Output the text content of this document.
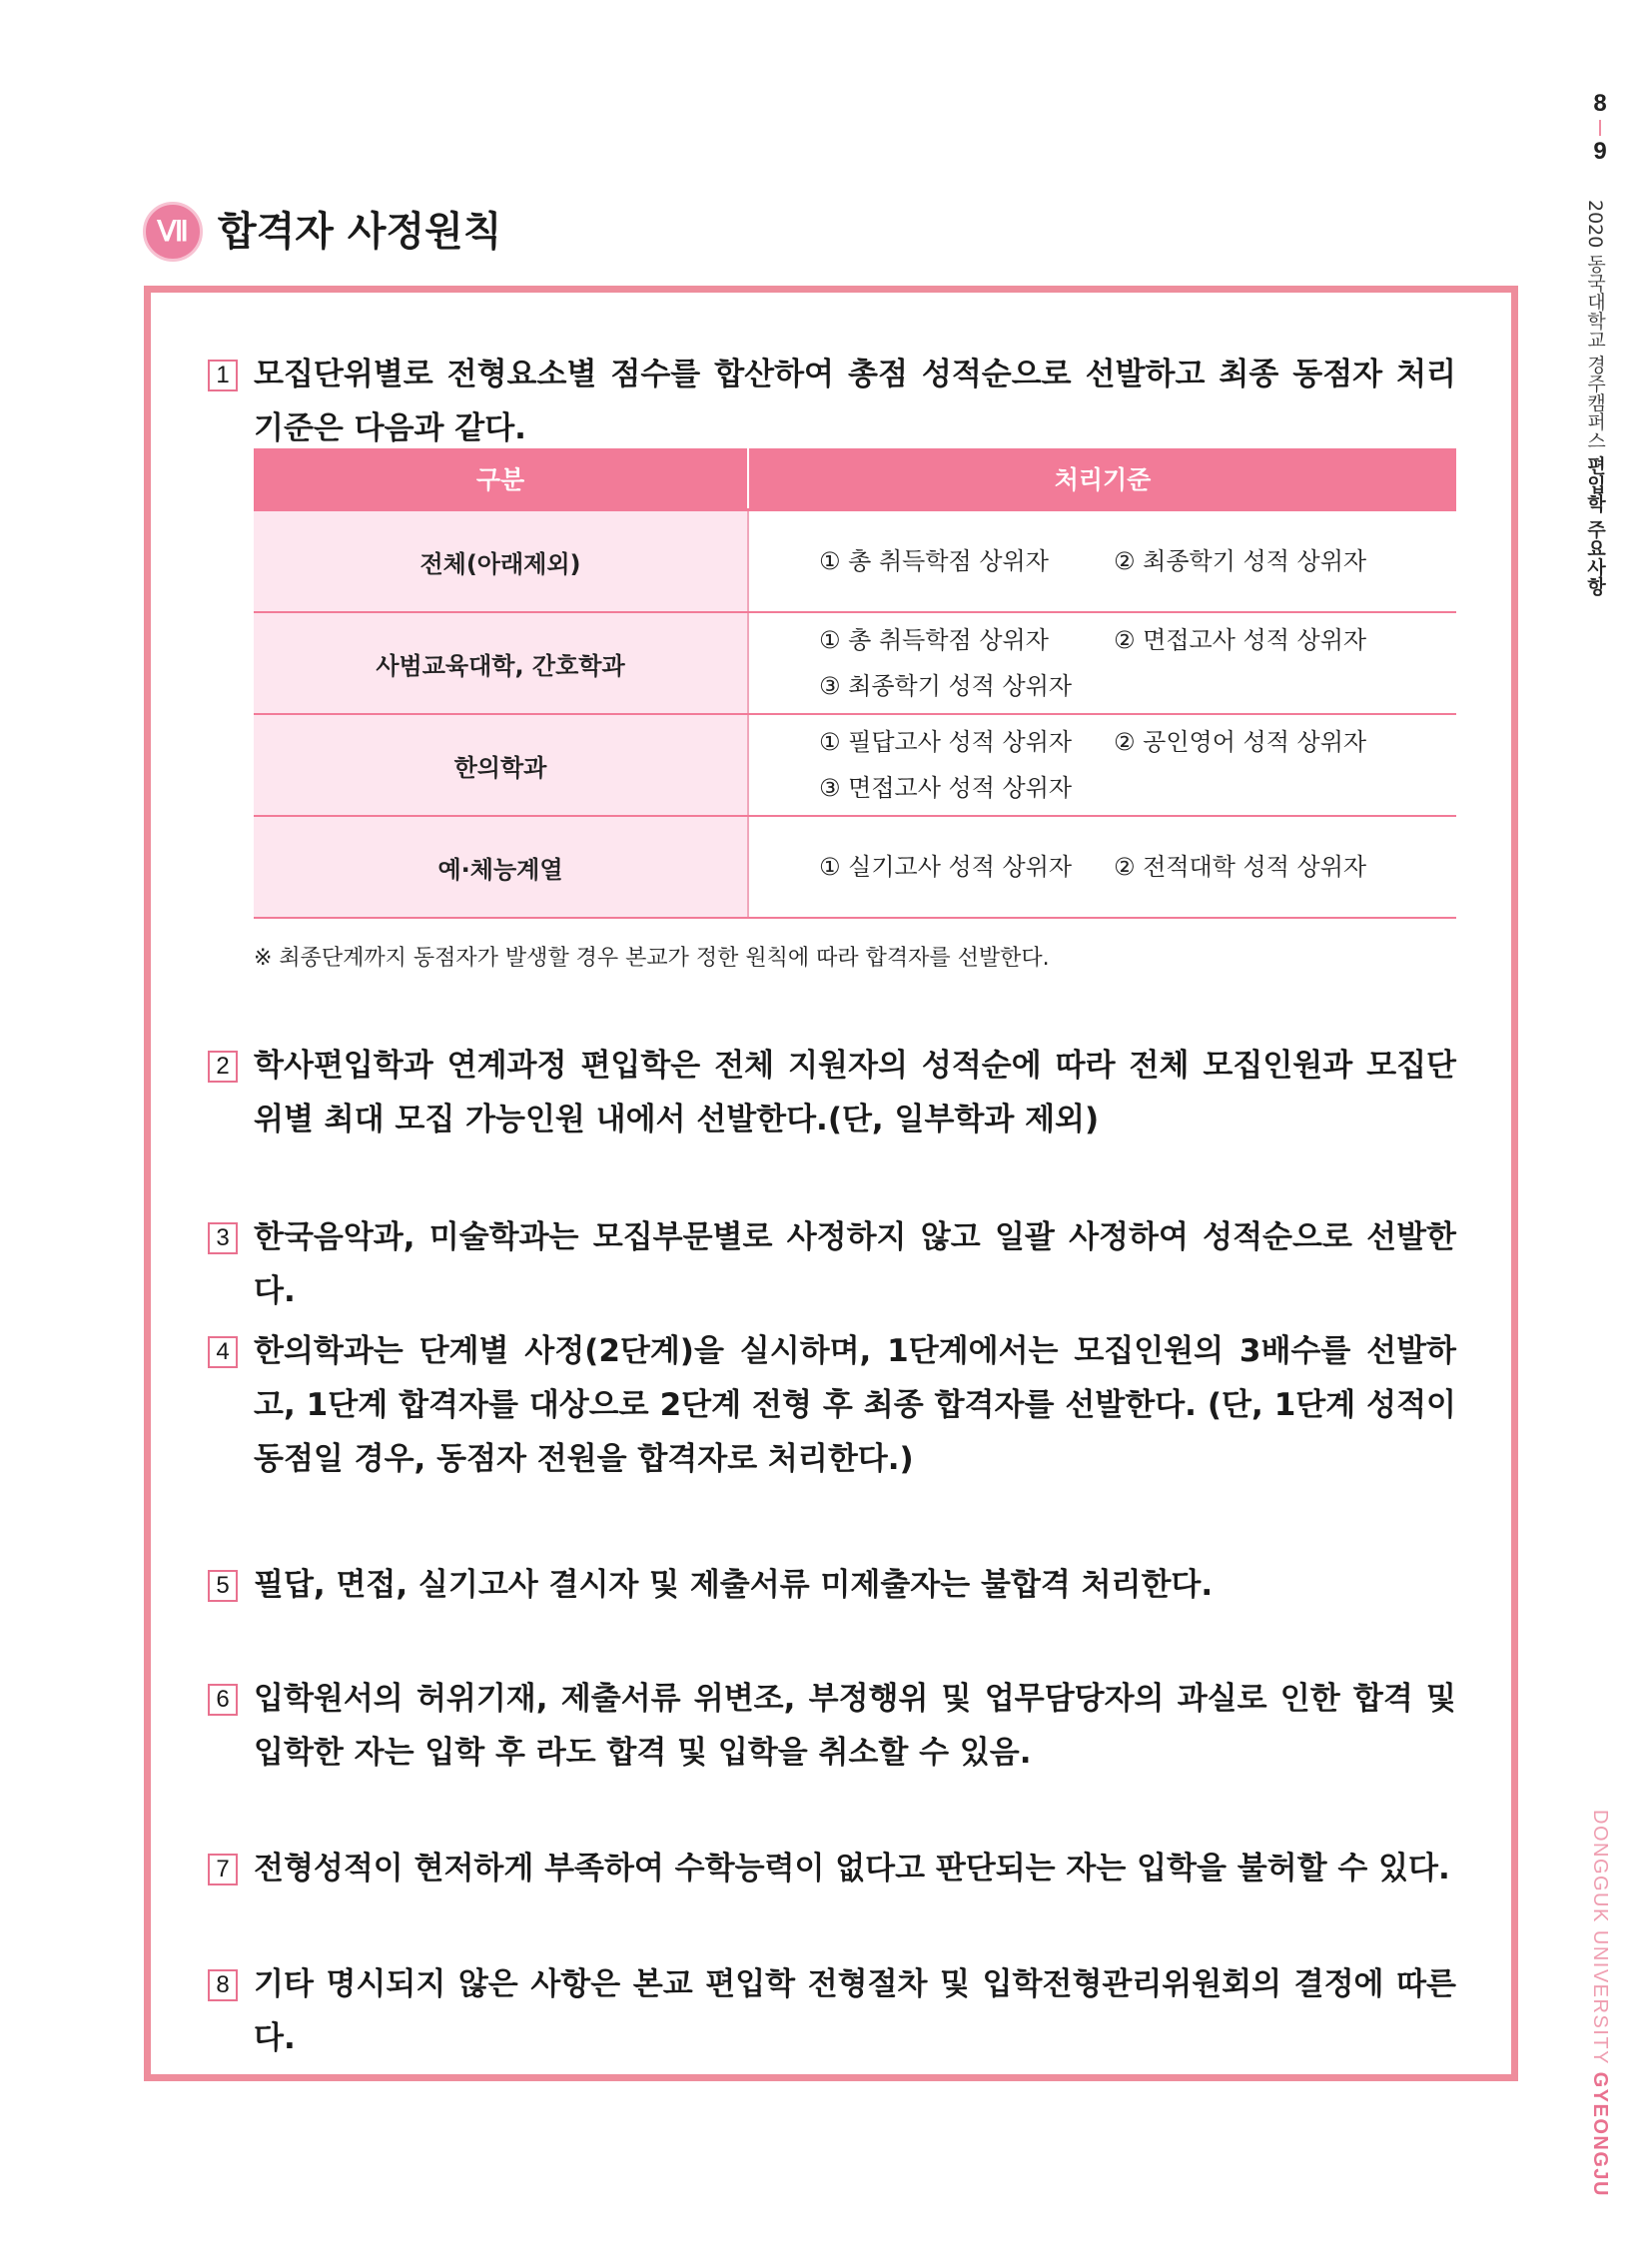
8
9
2020 동국대학교 경주캠퍼스 편입학 주요사항
DONGGUK UNIVERSITY GYEONGJU
Ⅶ 합격자 사정원칙
1 모집단위별로 전형요소별 점수를 합산하여 총점 성적순으로 선발하고 최종 동점자 처리 기준은 다음과 같다.
구분	처리기준
전체(아래제외)	① 총 취득학점 상위자 ② 최종학기 성적 상위자

사범교육대학, 간호학과	① 총 취득학점 상위자 ② 면접고사 성적 상위자
③ 최종학기 성적 상위자

한의학과	① 필답고사 성적 상위자 ② 공인영어 성적 상위자
③ 면접고사 성적 상위자

예·체능계열	① 실기고사 성적 상위자 ② 전적대학 성적 상위자
※ 최종단계까지 동점자가 발생할 경우 본교가 정한 원칙에 따라 합격자를 선발한다.
2 학사편입학과 연계과정 편입학은 전체 지원자의 성적순에 따라 전체 모집인원과 모집단위별 최대 모집 가능인원 내에서 선발한다.(단, 일부학과 제외)
3 한국음악과, 미술학과는 모집부문별로 사정하지 않고 일괄 사정하여 성적순으로 선발한다.
4 한의학과는 단계별 사정(2단계)을 실시하며, 1단계에서는 모집인원의 3배수를 선발하고, 1단계 합격자를 대상으로 2단계 전형 후 최종 합격자를 선발한다. (단, 1단계 성적이 동점일 경우, 동점자 전원을 합격자로 처리한다.)
5 필답, 면접, 실기고사 결시자 및 제출서류 미제출자는 불합격 처리한다.
6 입학원서의 허위기재, 제출서류 위변조, 부정행위 및 업무담당자의 과실로 인한 합격 및 입학한 자는 입학 후 라도 합격 및 입학을 취소할 수 있음.
7 전형성적이 현저하게 부족하여 수학능력이 없다고 판단되는 자는 입학을 불허할 수 있다.
8 기타 명시되지 않은 사항은 본교 편입학 전형절차 및 입학전형관리위원회의 결정에 따른다.
